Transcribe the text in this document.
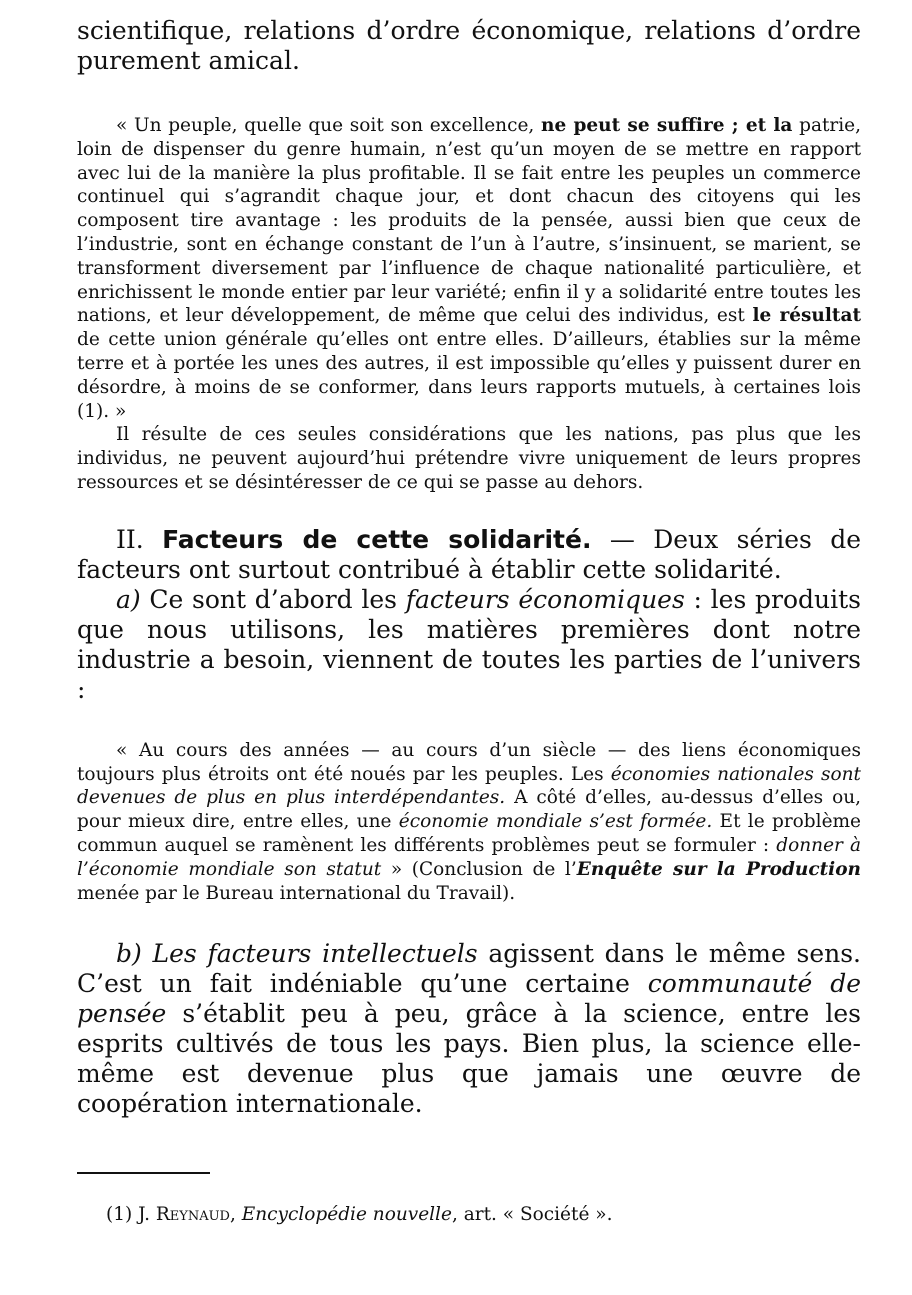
scientifique, relations d’ordre économique, relations d’ordre purement amical.

« Un peuple, quelle que soit son excellence, ne peut se suffire ; et la patrie, loin de dispenser du genre humain, n’est qu’un moyen de se mettre en rapport avec lui de la manière la plus profitable. Il se fait entre les peuples un commerce continuel qui s’agrandit chaque jour, et dont chacun des citoyens qui les composent tire avantage : les produits de la pensée, aussi bien que ceux de l’industrie, sont en échange constant de l’un à l’autre, s’insinuent, se marient, se transforment diversement par l’influence de chaque nationalité particulière, et enrichissent le monde entier par leur variété; enfin il y a solidarité entre toutes les nations, et leur développement, de même que celui des individus, est le résultat de cette union générale qu’elles ont entre elles. D’ailleurs, établies sur la même terre et à portée les unes des autres, il est impossible qu’elles y puissent durer en désordre, à moins de se conformer, dans leurs rapports mutuels, à certaines lois (1). »

Il résulte de ces seules considérations que les nations, pas plus que les individus, ne peuvent aujourd’hui prétendre vivre uniquement de leurs propres ressources et se désintéresser de ce qui se passe au dehors.

II. Facteurs de cette solidarité. — Deux séries de facteurs ont surtout contribué à établir cette solidarité.

a) Ce sont d’abord les facteurs économiques : les produits que nous utilisons, les matières premières dont notre industrie a besoin, viennent de toutes les parties de l’univers :

« Au cours des années — au cours d’un siècle — des liens économiques toujours plus étroits ont été noués par les peuples. Les économies nationales sont devenues de plus en plus interdépendantes. A côté d’elles, au-dessus d’elles ou, pour mieux dire, entre elles, une économie mondiale s’est formée. Et le problème commun auquel se ramènent les différents problèmes peut se formuler : donner à l’économie mondiale son statut » (Conclusion de l’Enquête sur la Production menée par le Bureau international du Travail).

b) Les facteurs intellectuels agissent dans le même sens. C’est un fait indéniable qu’une certaine communauté de pensée s’établit peu à peu, grâce à la science, entre les esprits cultivés de tous les pays. Bien plus, la science elle-même est devenue plus que jamais une œuvre de coopération internationale.

(1) J. Reynaud, Encyclopédie nouvelle, art. « Société ».
